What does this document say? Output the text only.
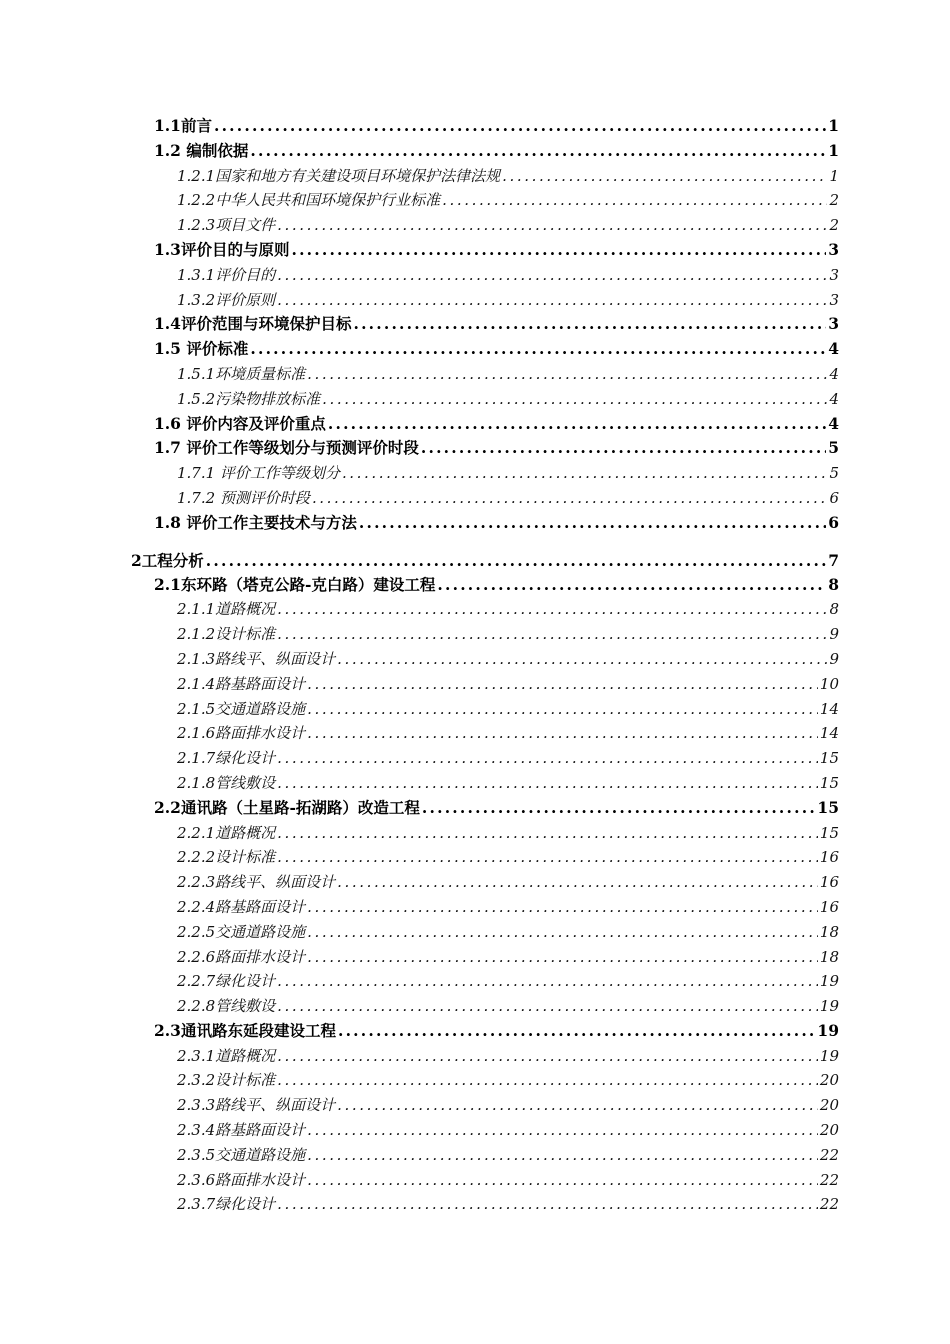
1.1前言 .....	1
1.2 编制依据 .....	1
1.2.1国家和地方有关建设项目环境保护法律法规 .....	1
1.2.2中华人民共和国环境保护行业标准 .....	2
1.2.3项目文件 .....	2
1.3评价目的与原则 .....	3
1.3.1评价目的 .....	3
1.3.2评价原则 .....	3
1.4评价范围与环境保护目标 .....	3
1.5 评价标准 .....	4
1.5.1环境质量标准 .....	4
1.5.2污染物排放标准 .....	4
1.6 评价内容及评价重点 .....	4
1.7 评价工作等级划分与预测评价时段 .....	5
1.7.1 评价工作等级划分 .....	5
1.7.2 预测评价时段 .....	6
1.8 评价工作主要技术与方法 .....	6
2工程分析 .....	7
2.1东环路（塔克公路-克白路）建设工程 .....	8
2.1.1道路概况 .....	8
2.1.2设计标准 .....	9
2.1.3路线平、纵面设计 .....	9
2.1.4路基路面设计 .....	10
2.1.5交通道路设施 .....	14
2.1.6路面排水设计 .....	14
2.1.7绿化设计 .....	15
2.1.8管线敷设 .....	15
2.2通讯路（土星路-拓湖路）改造工程 .....	15
2.2.1道路概况 .....	15
2.2.2设计标准 .....	16
2.2.3路线平、纵面设计 .....	16
2.2.4路基路面设计 .....	16
2.2.5交通道路设施 .....	18
2.2.6路面排水设计 .....	18
2.2.7绿化设计 .....	19
2.2.8管线敷设 .....	19
2.3通讯路东延段建设工程 .....	19
2.3.1道路概况 .....	19
2.3.2设计标准 .....	20
2.3.3路线平、纵面设计 .....	20
2.3.4路基路面设计 .....	20
2.3.5交通道路设施 .....	22
2.3.6路面排水设计 .....	22
2.3.7绿化设计 .....	22
